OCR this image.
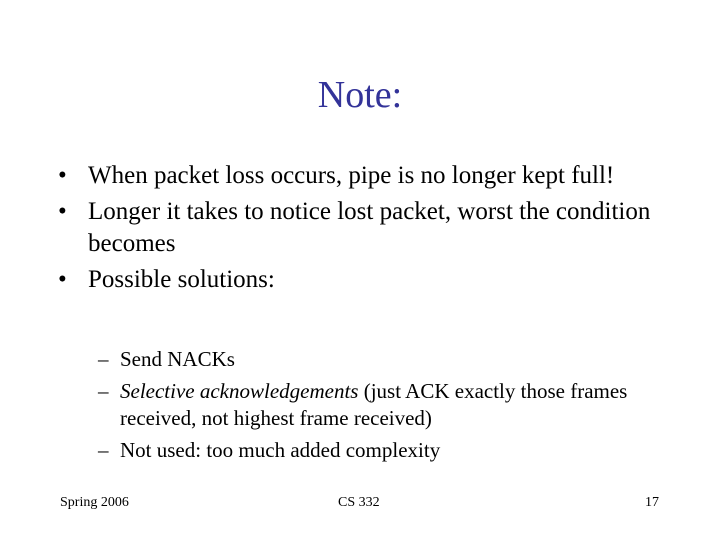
Note:
• When packet loss occurs, pipe is no longer kept full!
• Longer it takes to notice lost packet, worst the condition becomes
• Possible solutions:
– Send NACKs
– Selective acknowledgements (just ACK exactly those frames received, not highest frame received)
– Not used: too much added complexity
Spring 2006	CS 332	17
